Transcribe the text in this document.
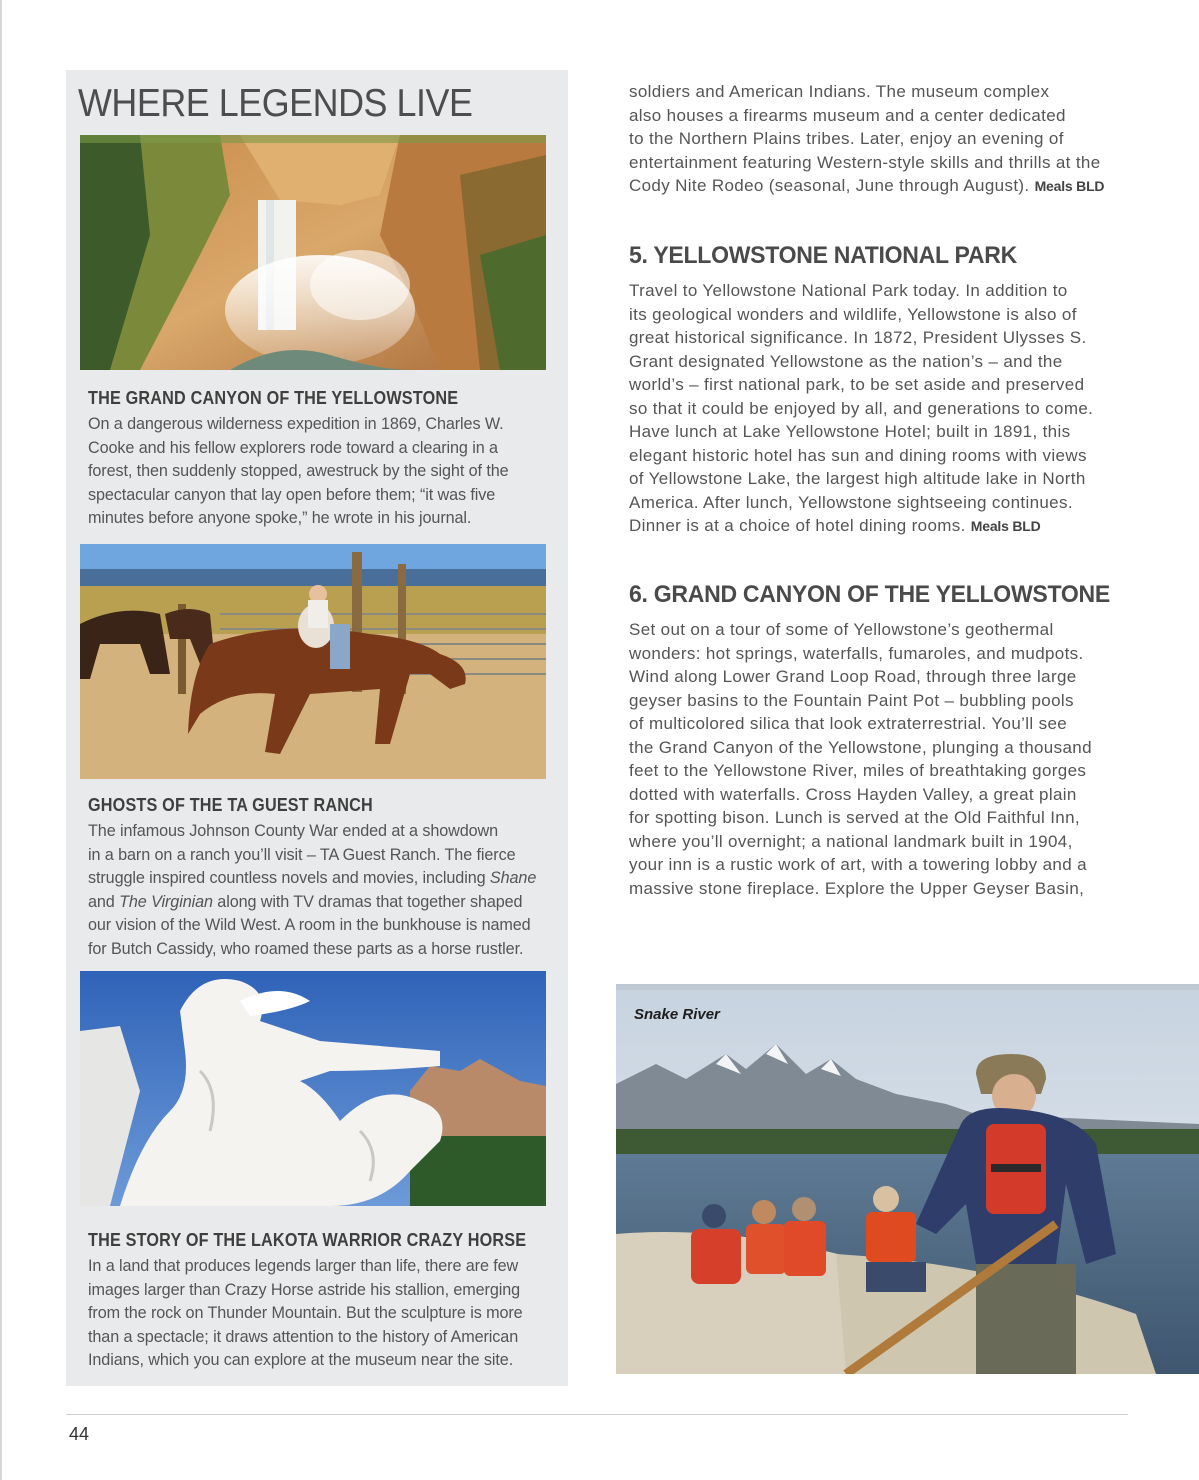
WHERE LEGENDS LIVE
THE GRAND CANYON OF THE YELLOWSTONE

On a dangerous wilderness expedition in 1869, Charles W.
Cooke and his fellow explorers rode toward a clearing in a
forest, then suddenly stopped, awestruck by the sight of the
spectacular canyon that lay open before them; “it was five
minutes before anyone spoke,” he wrote in his journal.

GHOSTS OF THE TA GUEST RANCH

The infamous Johnson County War ended at a showdown
in a barn on a ranch you’ll visit – TA Guest Ranch. The fierce
struggle inspired countless novels and movies, including Shane
and The Virginian along with TV dramas that together shaped
our vision of the Wild West. A room in the bunkhouse is named
for Butch Cassidy, who roamed these parts as a horse rustler.

THE STORY OF THE LAKOTA WARRIOR CRAZY HORSE

In a land that produces legends larger than life, there are few
images larger than Crazy Horse astride his stallion, emerging
from the rock on Thunder Mountain. But the sculpture is more
than a spectacle; it draws attention to the history of American
Indians, which you can explore at the museum near the site.

soldiers and American Indians. The museum complex
also houses a firearms museum and a center dedicated
to the Northern Plains tribes. Later, enjoy an evening of
entertainment featuring Western-style skills and thrills at the
Cody Nite Rodeo (seasonal, June through August). Meals BLD

5. YELLOWSTONE NATIONAL PARK

Travel to Yellowstone National Park today. In addition to
its geological wonders and wildlife, Yellowstone is also of
great historical significance. In 1872, President Ulysses S.
Grant designated Yellowstone as the nation’s – and the
world’s – first national park, to be set aside and preserved
so that it could be enjoyed by all, and generations to come.
Have lunch at Lake Yellowstone Hotel; built in 1891, this
elegant historic hotel has sun and dining rooms with views
of Yellowstone Lake, the largest high altitude lake in North
America. After lunch, Yellowstone sightseeing continues.
Dinner is at a choice of hotel dining rooms. Meals BLD

6. GRAND CANYON OF THE YELLOWSTONE

Set out on a tour of some of Yellowstone’s geothermal
wonders: hot springs, waterfalls, fumaroles, and mudpots.
Wind along Lower Grand Loop Road, through three large
geyser basins to the Fountain Paint Pot – bubbling pools
of multicolored silica that look extraterrestrial. You’ll see
the Grand Canyon of the Yellowstone, plunging a thousand
feet to the Yellowstone River, miles of breathtaking gorges
dotted with waterfalls. Cross Hayden Valley, a great plain
for spotting bison. Lunch is served at the Old Faithful Inn,
where you’ll overnight; a national landmark built in 1904,
your inn is a rustic work of art, with a towering lobby and a
massive stone fireplace. Explore the Upper Geyser Basin,

Snake River
44
